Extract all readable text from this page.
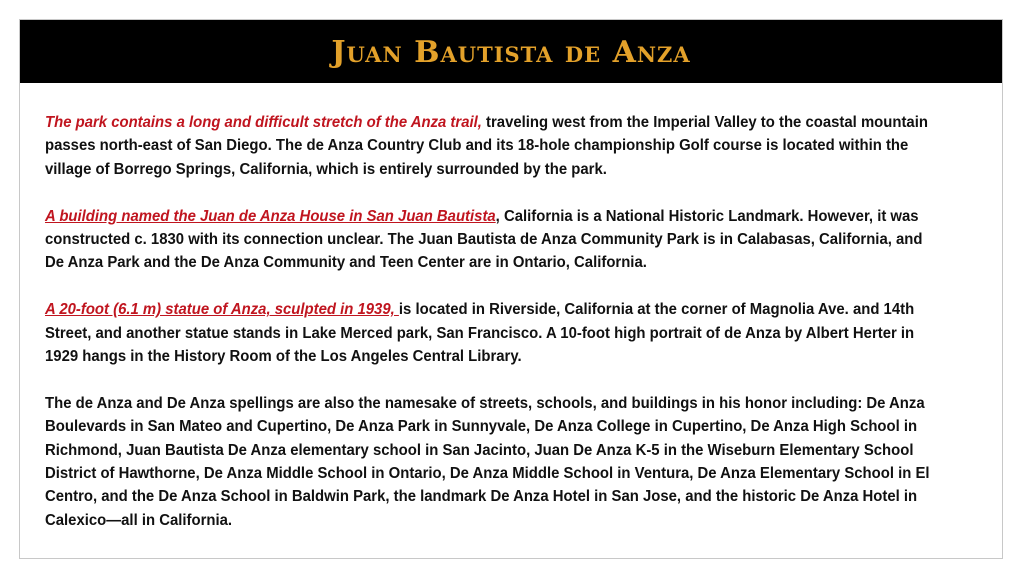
Juan Bautista de Anza

The park contains a long and difficult stretch of the Anza trail, traveling west from the Imperial Valley to the coastal mountain passes north-east of San Diego. The de Anza Country Club and its 18-hole championship Golf course is located within the village of Borrego Springs, California, which is entirely surrounded by the park.

A building named the Juan de Anza House in San Juan Bautista, California is a National Historic Landmark. However, it was constructed c. 1830 with its connection unclear. The Juan Bautista de Anza Community Park is in Calabasas, California, and De Anza Park and the De Anza Community and Teen Center are in Ontario, California.

A 20-foot (6.1 m) statue of Anza, sculpted in 1939, is located in Riverside, California at the corner of Magnolia Ave. and 14th Street, and another statue stands in Lake Merced park, San Francisco. A 10-foot high portrait of de Anza by Albert Herter in 1929 hangs in the History Room of the Los Angeles Central Library.

The de Anza and De Anza spellings are also the namesake of streets, schools, and buildings in his honor including: De Anza Boulevards in San Mateo and Cupertino, De Anza Park in Sunnyvale, De Anza College in Cupertino, De Anza High School in Richmond, Juan Bautista De Anza elementary school in San Jacinto, Juan De Anza K-5 in the Wiseburn Elementary School District of Hawthorne, De Anza Middle School in Ontario, De Anza Middle School in Ventura, De Anza Elementary School in El Centro, and the De Anza School in Baldwin Park, the landmark De Anza Hotel in San Jose, and the historic De Anza Hotel in Calexico—all in California.
